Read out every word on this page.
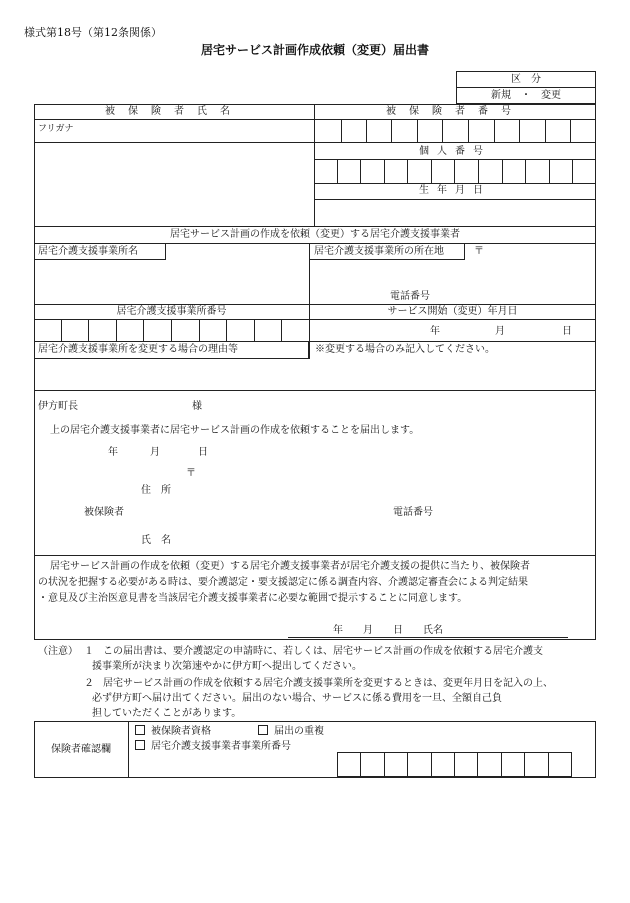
様式第18号（第12条関係）
居宅サービス計画作成依頼（変更）届出書
区　分
新規　・　変更
被保険者氏名	被保険者番号
フリガナ
個人番号
生年月日
居宅サービス計画の作成を依頼（変更）する居宅介護支援事業者
居宅介護支援事業所名	居宅介護支援事業所の所在地	〒
電話番号
居宅介護支援事業所番号	サービス開始（変更）年月日
年	月	日
居宅介護支援事業所を変更する場合の理由等	※変更する場合のみ記入してください。
伊方町長	様
上の居宅介護支援事業者に居宅サービス計画の作成を依頼することを届出します。
年	月	日
〒
住　所
被保険者	電話番号
氏　名
居宅サービス計画の作成を依頼（変更）する居宅介護支援事業者が居宅介護支援の提供に当たり、被保険者
の状況を把握する必要がある時は、要介護認定・要支援認定に係る調査内容、介護認定審査会による判定結果
・意見及び主治医意見書を当該居宅介護支援事業者に必要な範囲で提示することに同意します。
年　　月　　日　　氏名
（注意） １ この届出書は、要介護認定の申請時に、若しくは、居宅サービス計画の作成を依頼する居宅介護支
援事業所が決まり次第速やかに伊方町へ提出してください。
２ 居宅サービス計画の作成を依頼する居宅介護支援事業所を変更するときは、変更年月日を記入の上、
必ず伊方町へ届け出てください。届出のない場合、サービスに係る費用を一旦、全額自己負
担していただくことがあります。
保険者確認欄
被保険者資格	届出の重複
居宅介護支援事業者事業所番号
